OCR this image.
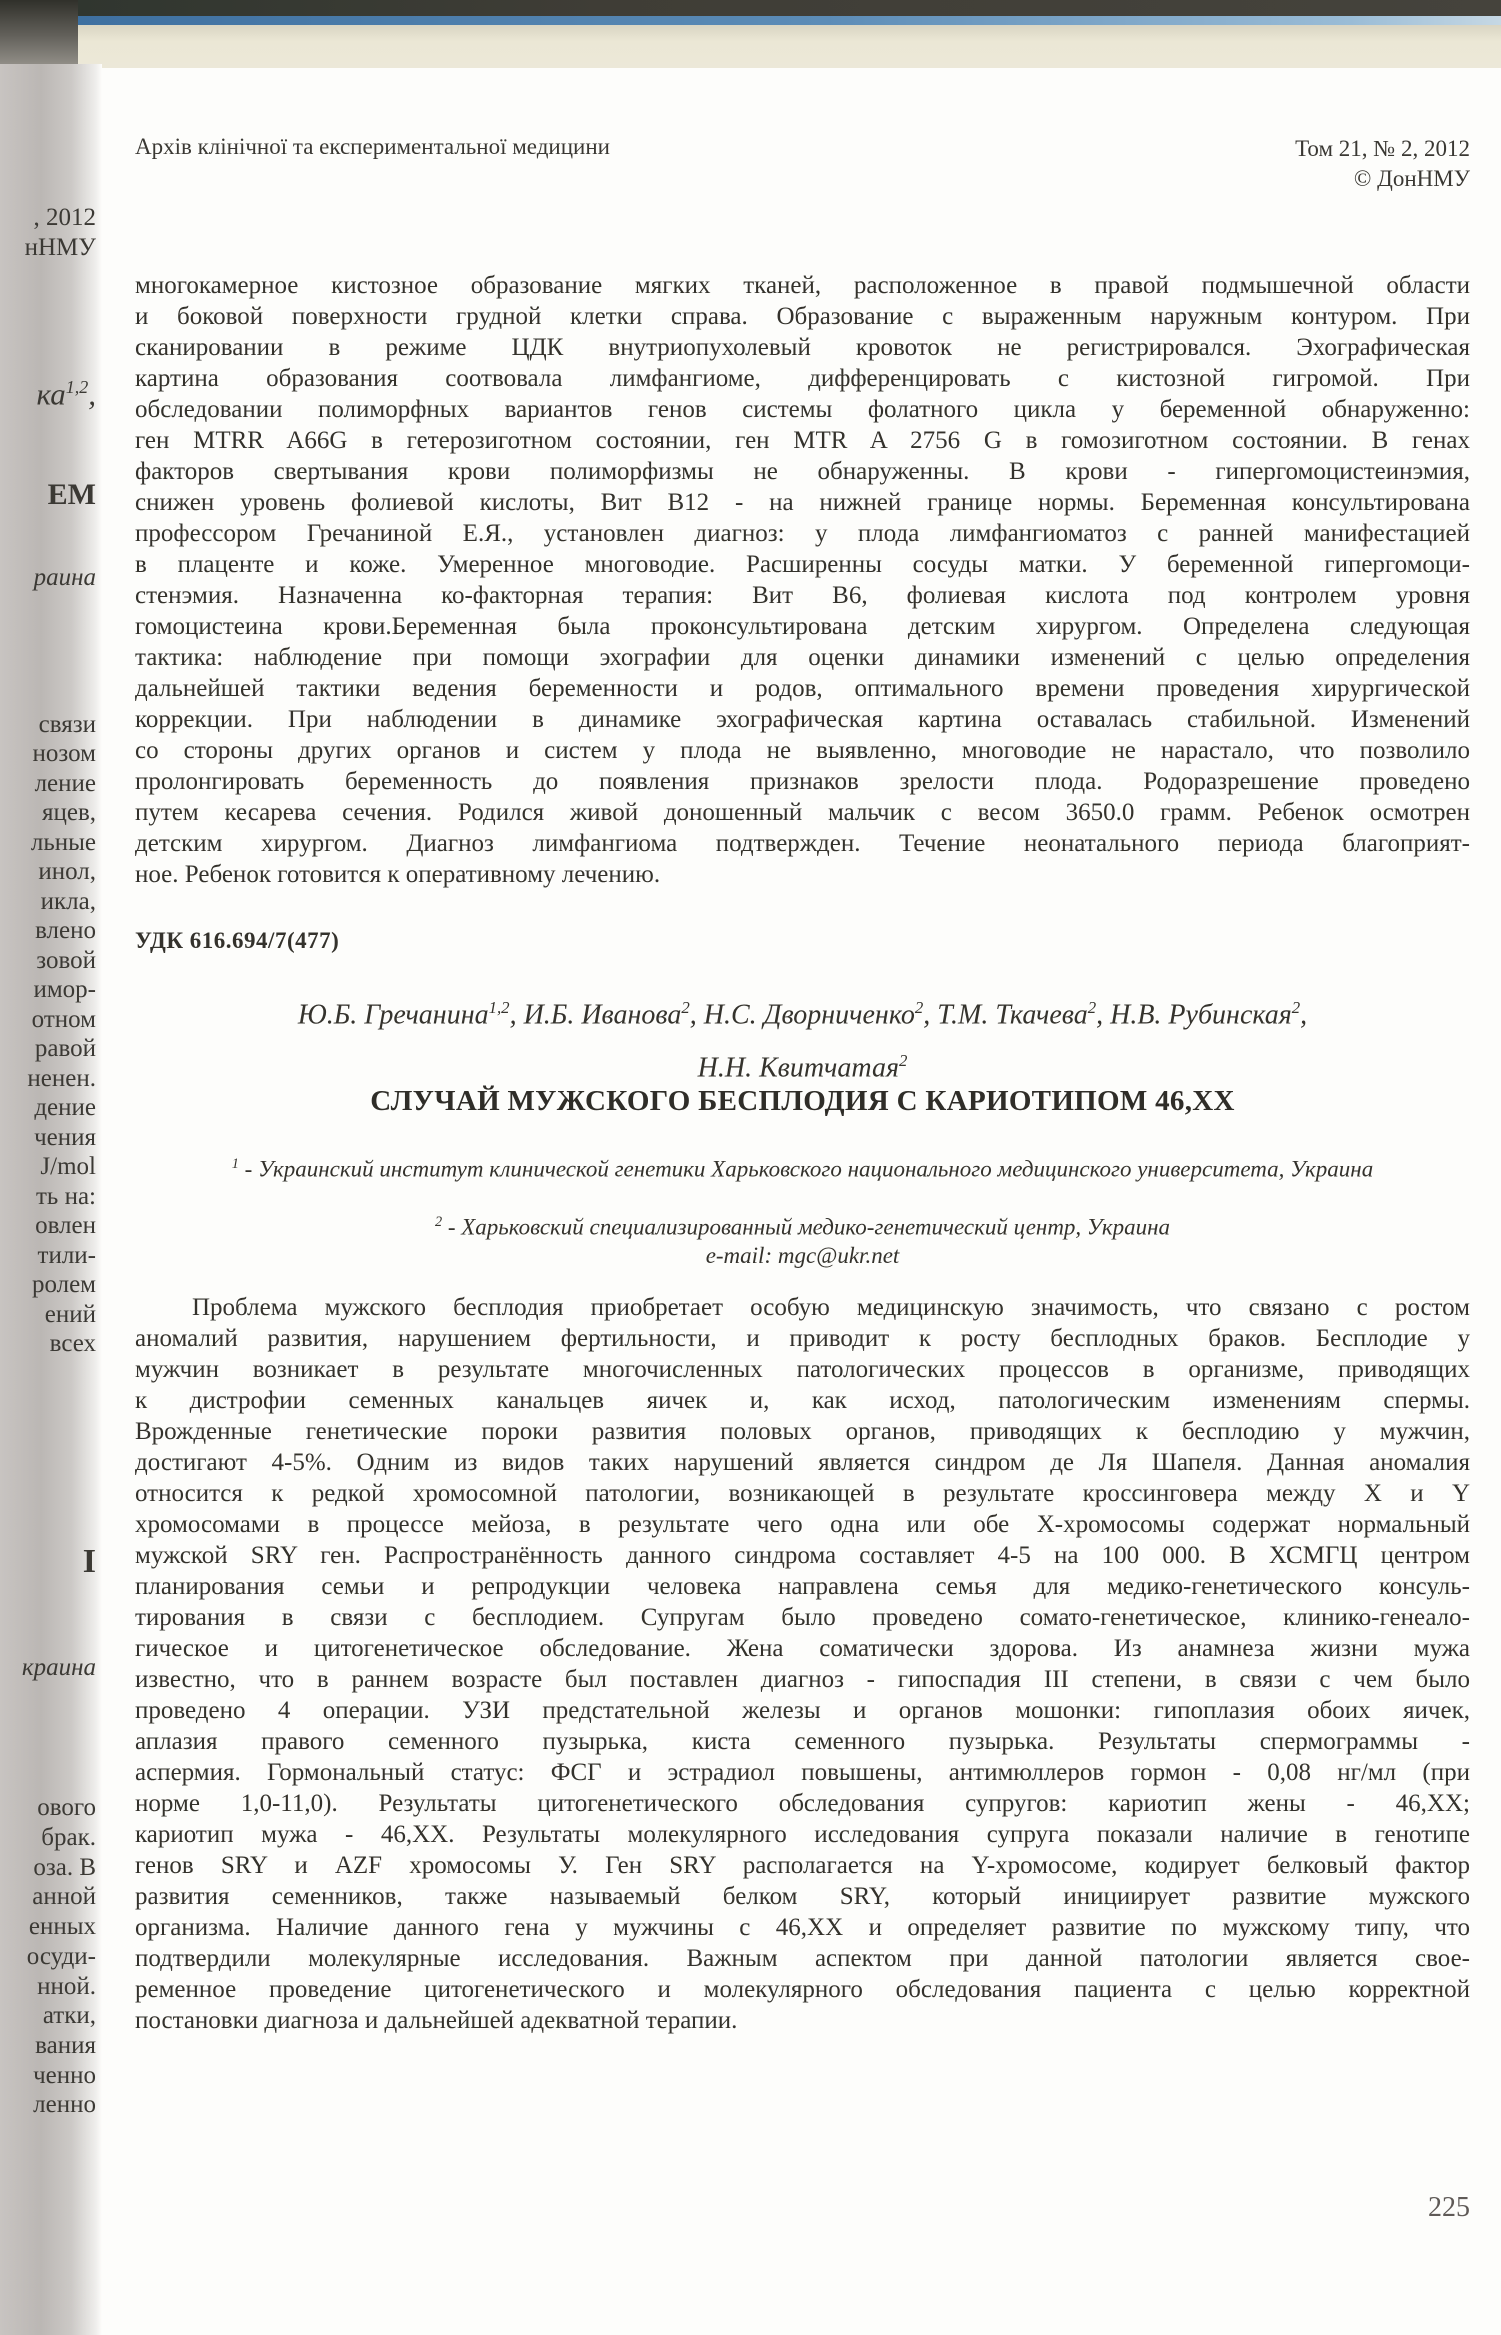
, 2012
нНМУ
ка$^{1,2}$,
ЕМ
раина
связи
нозом
ление
яцев,
льные
инол,
икла,
влено
зовой
имор-
отном
равой
ненен.
дение
чения
J/mol
ть на:
овлен
тили-
ролем
ений
всех
І
краина
ового
брак.
оза. В
анной
енных
осуди-
нной.
атки,
вания
ченно
ленно
Архів клінічної та експериментальної медицини	Том 21, № 2, 2012
© ДонНМУ
многокамерное кистозное образование мягких тканей, расположенное в правой подмышечной области
и боковой поверхности грудной клетки справа. Образование с выраженным наружным контуром. При
сканировании в режиме ЦДК внутриопухолевый кровоток не регистрировался. Эхографическая
картина образования соотвовала лимфангиоме, дифференцировать с кистозной гигромой. При
обследовании полиморфных вариантов генов системы фолатного цикла у беременной обнаруженно:
ген MTRR A66G в гетерозиготном состоянии, ген MTR A 2756 G в гомозиготном состоянии. В генах
факторов свертывания крови полиморфизмы не обнаруженны. В крови - гипергомоцистеинэмия,
снижен уровень фолиевой кислоты, Вит В12 - на нижней границе нормы. Беременная консультирована
профессором Гречаниной Е.Я., установлен диагноз: у плода лимфангиоматоз с ранней манифестацией
в плаценте и коже. Умеренное многоводие. Расширенны сосуды матки. У беременной гипергомоци-
стенэмия. Назначенна ко-факторная терапия: Вит В6, фолиевая кислота под контролем уровня
гомоцистеина крови.Беременная была проконсультирована детским хирургом. Определена следующая
тактика: наблюдение при помощи эхографии для оценки динамики изменений с целью определения
дальнейшей тактики ведения беременности и родов, оптимального времени проведения хирургической
коррекции. При наблюдении в динамике эхографическая картина оставалась стабильной. Изменений
со стороны других органов и систем у плода не выявленно, многоводие не нарастало, что позволило
пролонгировать беременность до появления признаков зрелости плода. Родоразрешение проведено
путем кесарева сечения. Родился живой доношенный мальчик с весом 3650.0 грамм. Ребенок осмотрен
детским хирургом. Диагноз лимфангиома подтвержден. Течение неонатального периода благоприят-
ное. Ребенок готовится к оперативному лечению.
УДК 616.694/7(477)
Ю.Б. Гречанина$^{1,2}$, И.Б. Иванова$^2$, Н.С. Дворниченко$^2$, Т.М. Ткачева$^2$, Н.В. Рубинская$^2$,
Н.Н. Квитчатая$^2$
СЛУЧАЙ МУЖСКОГО БЕСПЛОДИЯ С КАРИОТИПОМ 46,ХХ
$^1$ - Украинский институт клинической генетики Харьковского национального медицинского университета, Украина
$^2$ - Харьковский специализированный медико-генетический центр, Украина
e-mail: mgc@ukr.net
Проблема мужского бесплодия приобретает особую медицинскую значимость, что связано с ростом
аномалий развития, нарушением фертильности, и приводит к росту бесплодных браков. Бесплодие у
мужчин возникает в результате многочисленных патологических процессов в организме, приводящих
к дистрофии семенных канальцев яичек и, как исход, патологическим изменениям спермы.
Врожденные генетические пороки развития половых органов, приводящих к бесплодию у мужчин,
достигают 4-5%. Одним из видов таких нарушений является синдром де Ля Шапеля. Данная аномалия
относится к редкой хромосомной патологии, возникающей в результате кроссинговера между X и Y
хромосомами в процессе мейоза, в результате чего одна или обе Х-хромосомы содержат нормальный
мужской SRY ген. Распространённость данного синдрома составляет 4-5 на 100 000. В ХСМГЦ центром
планирования семьи и репродукции человека направлена семья для медико-генетического консуль-
тирования в связи с бесплодием. Супругам было проведено сомато-генетическое, клинико-генеало-
гическое и цитогенетическое обследование. Жена соматически здорова. Из анамнеза жизни мужа
известно, что в раннем возрасте был поставлен диагноз - гипоспадия III степени, в связи с чем было
проведено 4 операции. УЗИ предстательной железы и органов мошонки: гипоплазия обоих яичек,
аплазия правого семенного пузырька, киста семенного пузырька. Результаты спермограммы -
аспермия. Гормональный статус: ФСГ и эстрадиол повышены, антимюллеров гормон - 0,08 нг/мл (при
норме 1,0-11,0). Результаты цитогенетического обследования супругов: кариотип жены - 46,ХХ;
кариотип мужа - 46,ХХ. Результаты молекулярного исследования супруга показали наличие в генотипе
генов SRY и AZF хромосомы У. Ген SRY располагается на Y-хромосоме, кодирует белковый фактор
развития семенников, также называемый белком SRY, который инициирует развитие мужского
организма. Наличие данного гена у мужчины с 46,ХХ и определяет развитие по мужскому типу, что
подтвердили молекулярные исследования. Важным аспектом при данной патологии является свое-
ременное проведение цитогенетического и молекулярного обследования пациента с целью корректной
постановки диагноза и дальнейшей адекватной терапии.
225
